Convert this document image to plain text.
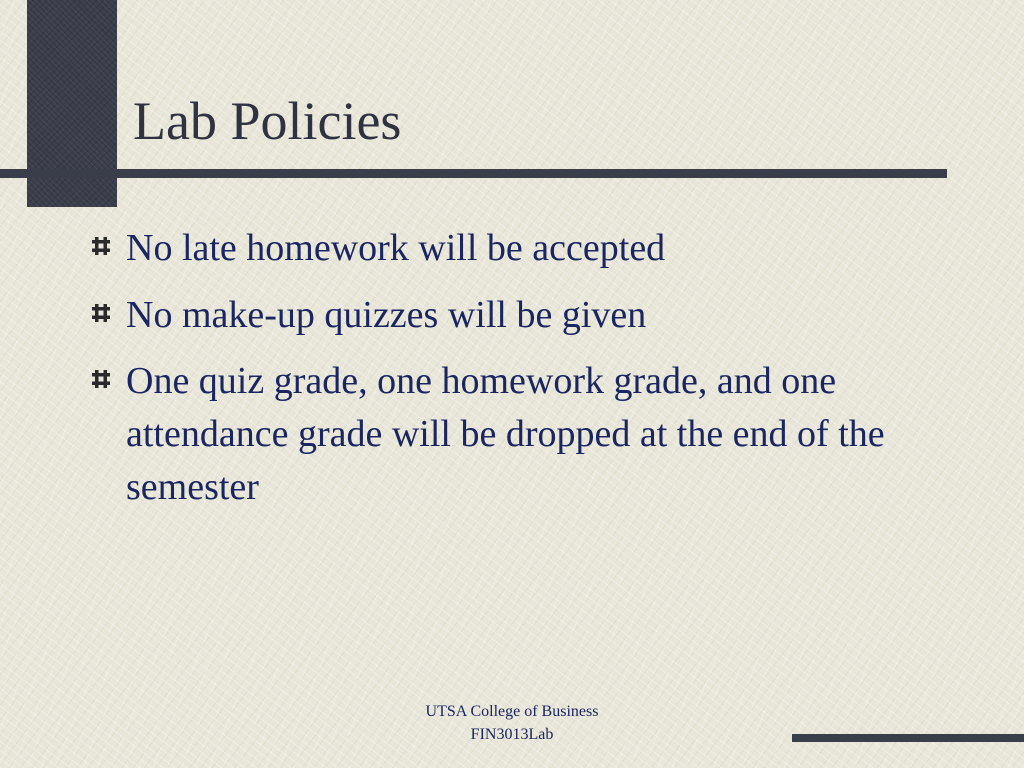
Lab Policies
No late homework will be accepted
No make-up quizzes will be given
One quiz grade, one homework grade, and one attendance grade will be dropped at the end of the semester
UTSA College of Business
FIN3013Lab
